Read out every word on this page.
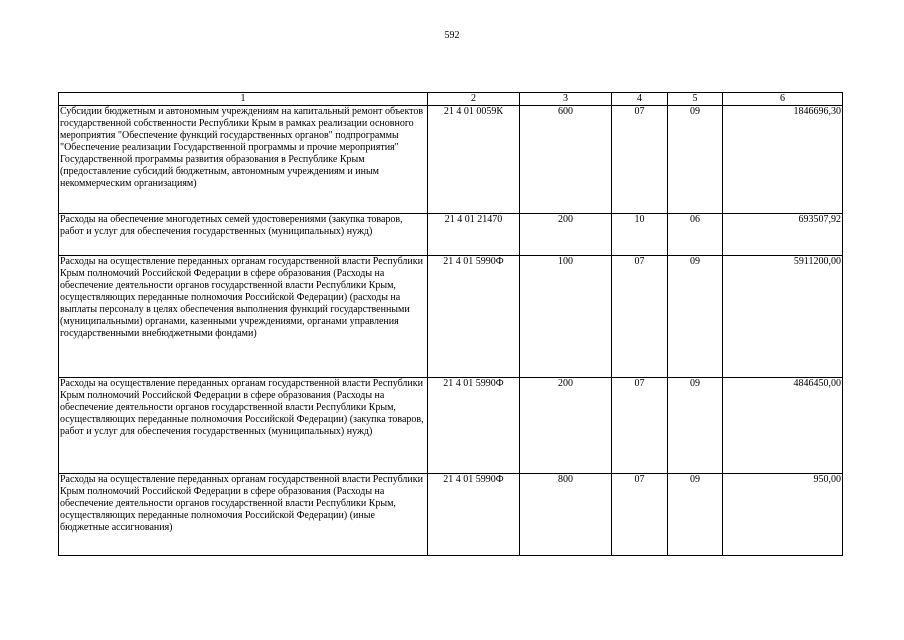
592
1	2	3	4	5	6
Субсидии бюджетным и автономным учреждениям на капитальный ремонт объектов государственной собственности Республики Крым в рамках реализации основного мероприятия "Обеспечение функций государственных органов" подпрограммы "Обеспечение реализации Государственной программы и прочие мероприятия" Государственной программы развития образования в Республике Крым (предоставление субсидий бюджетным, автономным учреждениям и иным некоммерческим организациям)	21 4 01 0059К	600	07	09	1846696,30
Расходы на обеспечение многодетных семей удостоверениями (закупка товаров, работ и услуг для обеспечения государственных (муниципальных) нужд)	21 4 01 21470	200	10	06	693507,92
Расходы на осуществление переданных органам государственной власти Республики Крым полномочий Российской Федерации в сфере образования (Расходы на обеспечение деятельности органов государственной власти Республики Крым, осуществляющих переданные полномочия Российской Федерации) (расходы на выплаты персоналу в целях обеспечения выполнения функций государственными (муниципальными) органами, казенными учреждениями, органами управления государственными внебюджетными фондами)	21 4 01 5990Ф	100	07	09	5911200,00
Расходы на осуществление переданных органам государственной власти Республики Крым полномочий Российской Федерации в сфере образования (Расходы на обеспечение деятельности органов государственной власти Республики Крым, осуществляющих переданные полномочия Российской Федерации) (закупка товаров, работ и услуг для обеспечения государственных (муниципальных) нужд)	21 4 01 5990Ф	200	07	09	4846450,00
Расходы на осуществление переданных органам государственной власти Республики Крым полномочий Российской Федерации в сфере образования (Расходы на обеспечение деятельности органов государственной власти Республики Крым, осуществляющих переданные полномочия Российской Федерации) (иные бюджетные ассигнования)	21 4 01 5990Ф	800	07	09	950,00
